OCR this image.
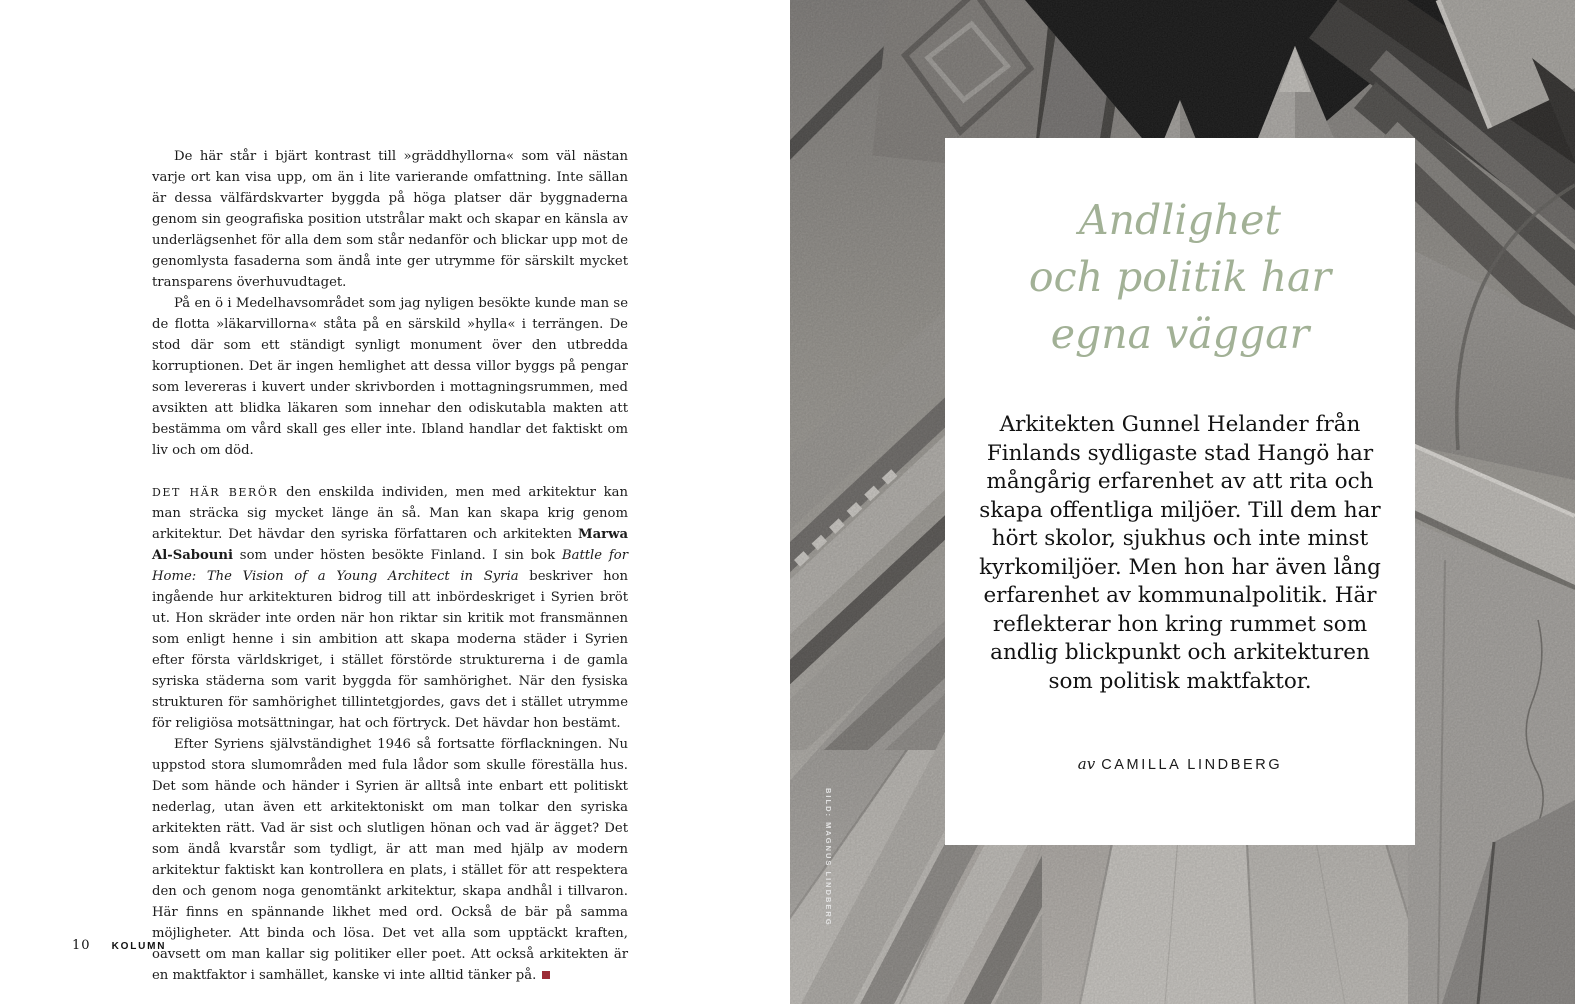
De här står i bjärt kontrast till »gräddhyllorna« som väl nästan varje ort kan visa upp, om än i lite varierande omfattning. Inte sällan är dessa välfärdskvarter byggda på höga platser där byggnaderna genom sin geografiska position utstrålar makt och skapar en känsla av underlägsenhet för alla dem som står nedanför och blickar upp mot de genomlysta fasaderna som ändå inte ger utrymme för särskilt mycket transparens överhuvudtaget.

På en ö i Medelhavsområdet som jag nyligen besökte kunde man se de flotta »läkarvillorna« ståta på en särskild »hylla« i terrängen. De stod där som ett ständigt synligt monument över den utbredda korruptionen. Det är ingen hemlighet att dessa villor byggs på pengar som levereras i kuvert under skrivborden i mottagningsrummen, med avsikten att blidka läkaren som innehar den odiskutabla makten att bestämma om vård skall ges eller inte. Ibland handlar det faktiskt om liv och om död.

DET HÄR BERÖR den enskilda individen, men med arkitektur kan man sträcka sig mycket länge än så. Man kan skapa krig genom arkitektur. Det hävdar den syriska författaren och arkitekten Marwa Al-Sabouni som under hösten besökte Finland. I sin bok Battle for Home: The Vision of a Young Architect in Syria beskriver hon ingående hur arkitekturen bidrog till att inbördeskriget i Syrien bröt ut. Hon skräder inte orden när hon riktar sin kritik mot fransmännen som enligt henne i sin ambition att skapa moderna städer i Syrien efter första världskriget, i stället förstörde strukturerna i de gamla syriska städerna som varit byggda för samhörighet. När den fysiska strukturen för samhörighet tillintetgjordes, gavs det i stället utrymme för religiösa motsättningar, hat och förtryck. Det hävdar hon bestämt.

Efter Syriens självständighet 1946 så fortsatte förflackningen. Nu uppstod stora slumområden med fula lådor som skulle föreställa hus. Det som hände och händer i Syrien är alltså inte enbart ett politiskt nederlag, utan även ett arkitektoniskt om man tolkar den syriska arkitekten rätt. Vad är sist och slutligen hönan och vad är ägget? Det som ändå kvarstår som tydligt, är att man med hjälp av modern arkitektur faktiskt kan kontrollera en plats, i stället för att respektera den och genom noga genomtänkt arkitektur, skapa andhål i tillvaron. Här finns en spännande likhet med ord. Också de bär på samma möjligheter. Att binda och lösa. Det vet alla som upptäckt kraften, oavsett om man kallar sig politiker eller poet. Att också arkitekten är en maktfaktor i samhället, kanske vi inte alltid tänker på.

10 KOLUMN
BILD: MAGNUS LINDBERG
Andlighet
och politik har
egna väggar

Arkitekten Gunnel Helander från Finlands sydligaste stad Hangö har mångårig erfarenhet av att rita och skapa offentliga miljöer. Till dem har hört skolor, sjukhus och inte minst kyrkomiljöer. Men hon har även lång erfarenhet av kommunalpolitik. Här reflekterar hon kring rummet som andlig blickpunkt och arkitekturen som politisk maktfaktor.

av CAMILLA LINDBERG
